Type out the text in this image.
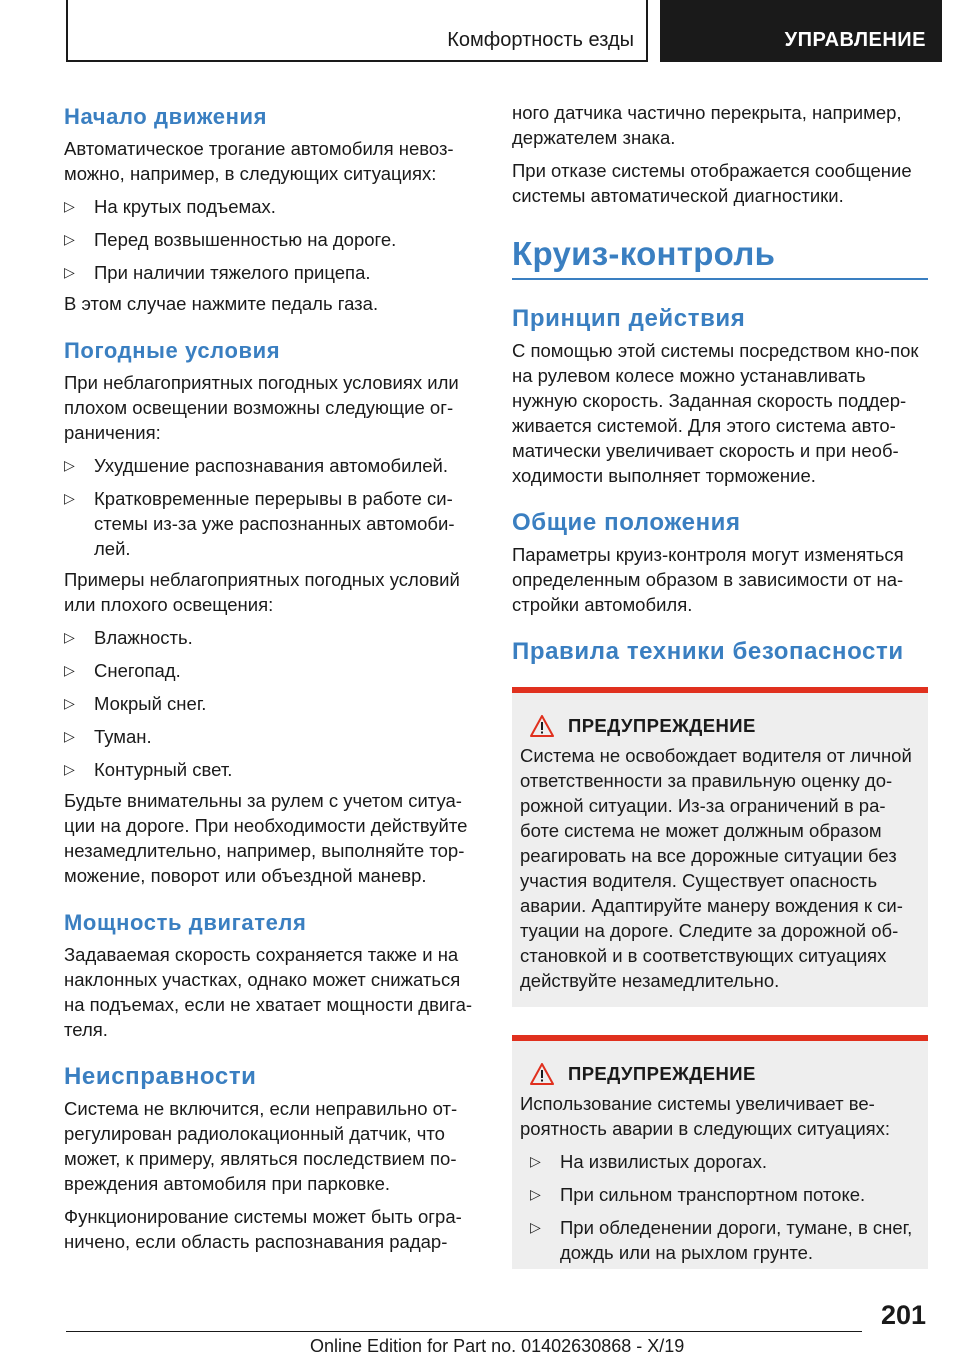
Комфортность езды	УПРАВЛЕНИЕ
Начало движения

Автоматическое трогание автомобиля невоз-можно, например, в следующих ситуациях:

▷ На крутых подъемах.
▷ Перед возвышенностью на дороге.
▷ При наличии тяжелого прицепа.

В этом случае нажмите педаль газа.

Погодные условия

При неблагоприятных погодных условиях или плохом освещении возможны следующие ог-раничения:

▷ Ухудшение распознавания автомобилей.
▷ Кратковременные перерывы в работе си-стемы из-за уже распознанных автомоби-лей.

Примеры неблагоприятных погодных условий или плохого освещения:

▷ Влажность.
▷ Снегопад.
▷ Мокрый снег.
▷ Туман.
▷ Контурный свет.

Будьте внимательны за рулем с учетом ситуа-ции на дороге. При необходимости действуйте незамедлительно, например, выполняйте тор-можение, поворот или объездной маневр.

Мощность двигателя

Задаваемая скорость сохраняется также и на наклонных участках, однако может снижаться на подъемах, если не хватает мощности двига-теля.

Неисправности

Система не включится, если неправильно от-регулирован радиолокационный датчик, что может, к примеру, являться последствием по-вреждения автомобиля при парковке.

Функционирование системы может быть огра-ничено, если область распознавания радар-

ного датчика частично перекрыта, например, держателем знака.

При отказе системы отображается сообщение системы автоматической диагностики.

Круиз-контроль
Принцип действия

С помощью этой системы посредством кно-пок на рулевом колесе можно устанавливать нужную скорость. Заданная скорость поддер-живается системой. Для этого система авто-матически увеличивает скорость и при необ-ходимости выполняет торможение.

Общие положения

Параметры круиз-контроля могут изменяться определенным образом в зависимости от на-стройки автомобиля.

Правила техники безопасности
ПРЕДУПРЕЖДЕНИЕ

Система не освобождает водителя от личной ответственности за правильную оценку до-рожной ситуации. Из-за ограничений в ра-боте система не может должным образом реагировать на все дорожные ситуации без участия водителя. Существует опасность аварии. Адаптируйте манеру вождения к си-туации на дороге. Следите за дорожной об-становкой и в соответствующих ситуациях действуйте незамедлительно.

ПРЕДУПРЕЖДЕНИЕ

Использование системы увеличивает ве-роятность аварии в следующих ситуациях:

▷ На извилистых дорогах.
▷ При сильном транспортном потоке.
▷ При обледенении дороги, тумане, в снег, дождь или на рыхлом грунте.
201
Online Edition for Part no. 01402630868 - X/19
